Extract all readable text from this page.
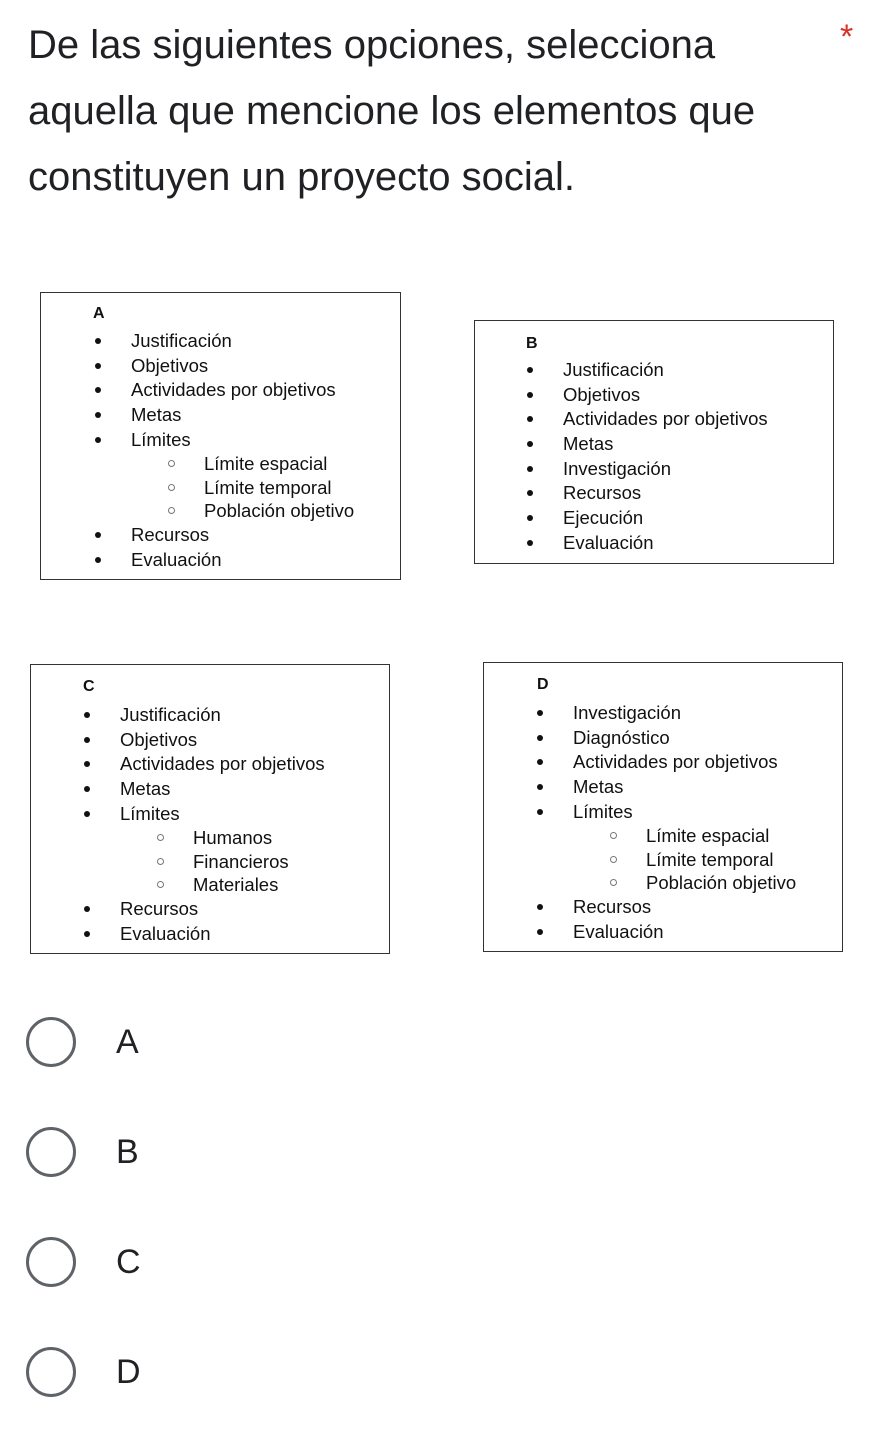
De las siguientes opciones, selecciona aquella que mencione los elementos que constituyen un proyecto social.
*
A
Justificación
Objetivos
Actividades por objetivos
Metas
Límites
Límite espacial
Límite temporal
Población objetivo
Recursos
Evaluación
B
Justificación
Objetivos
Actividades por objetivos
Metas
Investigación
Recursos
Ejecución
Evaluación
C
Justificación
Objetivos
Actividades por objetivos
Metas
Límites
Humanos
Financieros
Materiales
Recursos
Evaluación
D
Investigación
Diagnóstico
Actividades por objetivos
Metas
Límites
Límite espacial
Límite temporal
Población objetivo
Recursos
Evaluación
A
B
C
D
